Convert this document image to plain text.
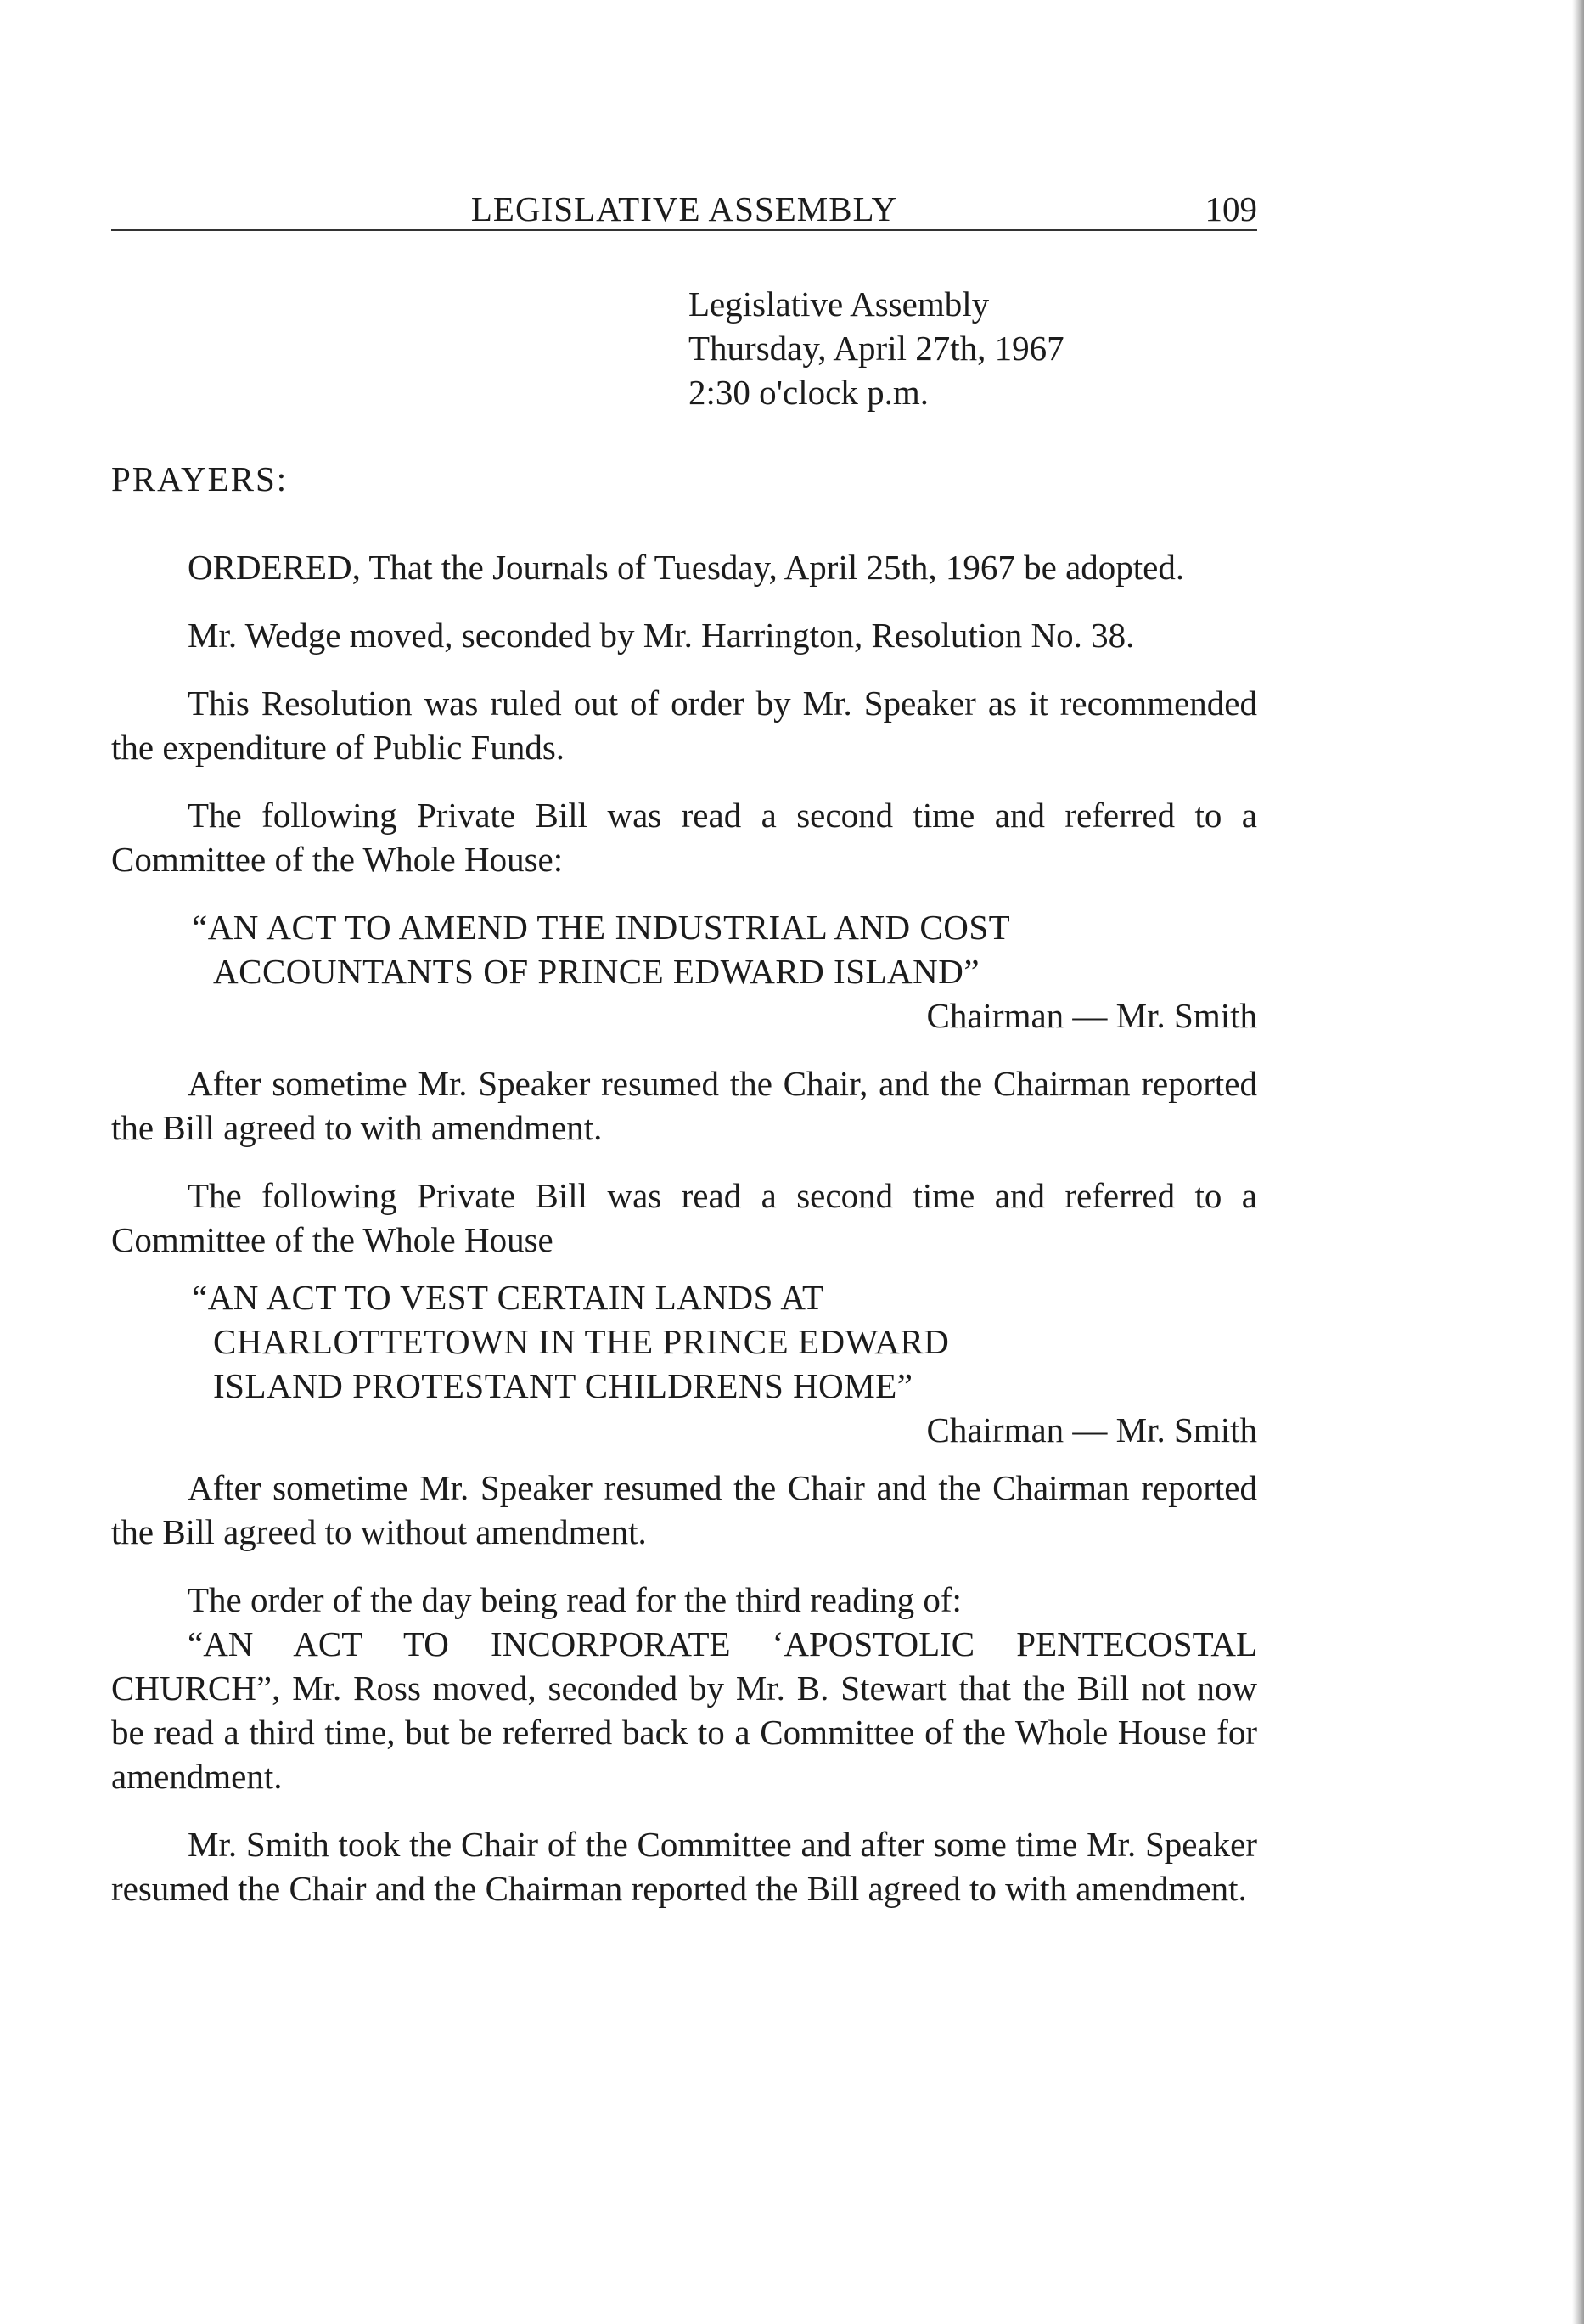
LEGISLATIVE ASSEMBLY	109
Legislative Assembly
Thursday, April 27th, 1967
2:30 o'clock p.m.
PRAYERS:

ORDERED, That the Journals of Tuesday, April 25th, 1967 be adopted.

Mr. Wedge moved, seconded by Mr. Harrington, Resolution No. 38.

This Resolution was ruled out of order by Mr. Speaker as it recommended the expenditure of Public Funds.

The following Private Bill was read a second time and referred to a Committee of the Whole House:

“AN ACT TO AMEND THE INDUSTRIAL AND COST
ACCOUNTANTS OF PRINCE EDWARD ISLAND”
Chairman — Mr. Smith

After sometime Mr. Speaker resumed the Chair, and the Chairman reported the Bill agreed to with amendment.

The following Private Bill was read a second time and referred to a Committee of the Whole House

“AN ACT TO VEST CERTAIN LANDS AT
CHARLOTTETOWN IN THE PRINCE EDWARD
ISLAND PROTESTANT CHILDRENS HOME”
Chairman — Mr. Smith

After sometime Mr. Speaker resumed the Chair and the Chairman reported the Bill agreed to without amendment.

The order of the day being read for the third reading of:

“AN ACT TO INCORPORATE ‘APOSTOLIC PENTECOSTAL CHURCH”, Mr. Ross moved, seconded by Mr. B. Stewart that the Bill not now be read a third time, but be referred back to a Committee of the Whole House for amendment.

Mr. Smith took the Chair of the Committee and after some time Mr. Speaker resumed the Chair and the Chairman reported the Bill agreed to with amendment.
